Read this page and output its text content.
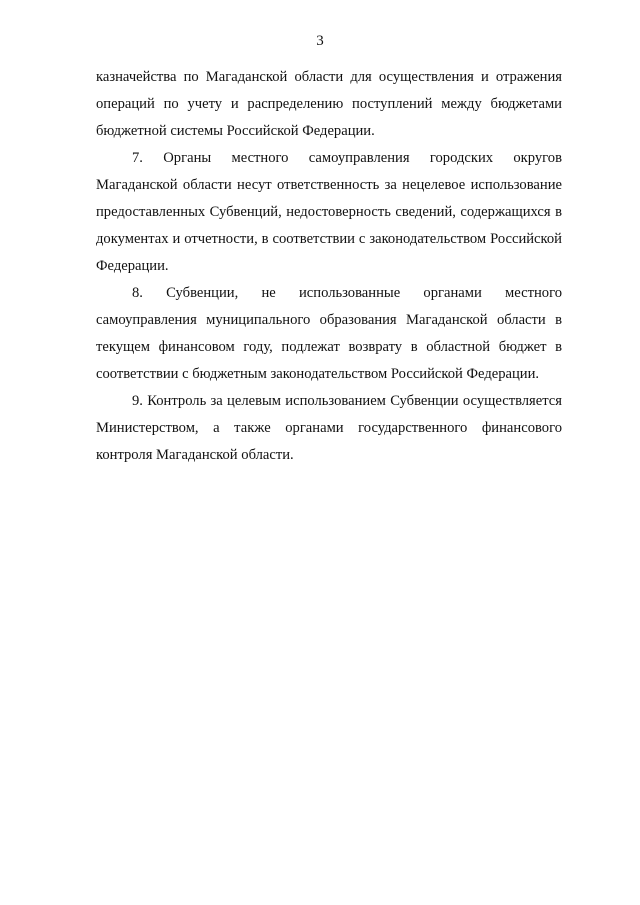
3

казначейства по Магаданской области для осуществления и отражения операций по учету и распределению поступлений между бюджетами бюджетной системы Российской Федерации.

7. Органы местного самоуправления городских округов Магаданской области несут ответственность за нецелевое использование предоставленных Субвенций, недостоверность сведений, содержащихся в документах и отчетности, в соответствии с законодательством Российской Федерации.

8. Субвенции, не использованные органами местного самоуправления муниципального образования Магаданской области в текущем финансовом году, подлежат возврату в областной бюджет в соответствии с бюджетным законодательством Российской Федерации.

9. Контроль за целевым использованием Субвенции осуществляется Министерством, а также органами государственного финансового контроля Магаданской области.
